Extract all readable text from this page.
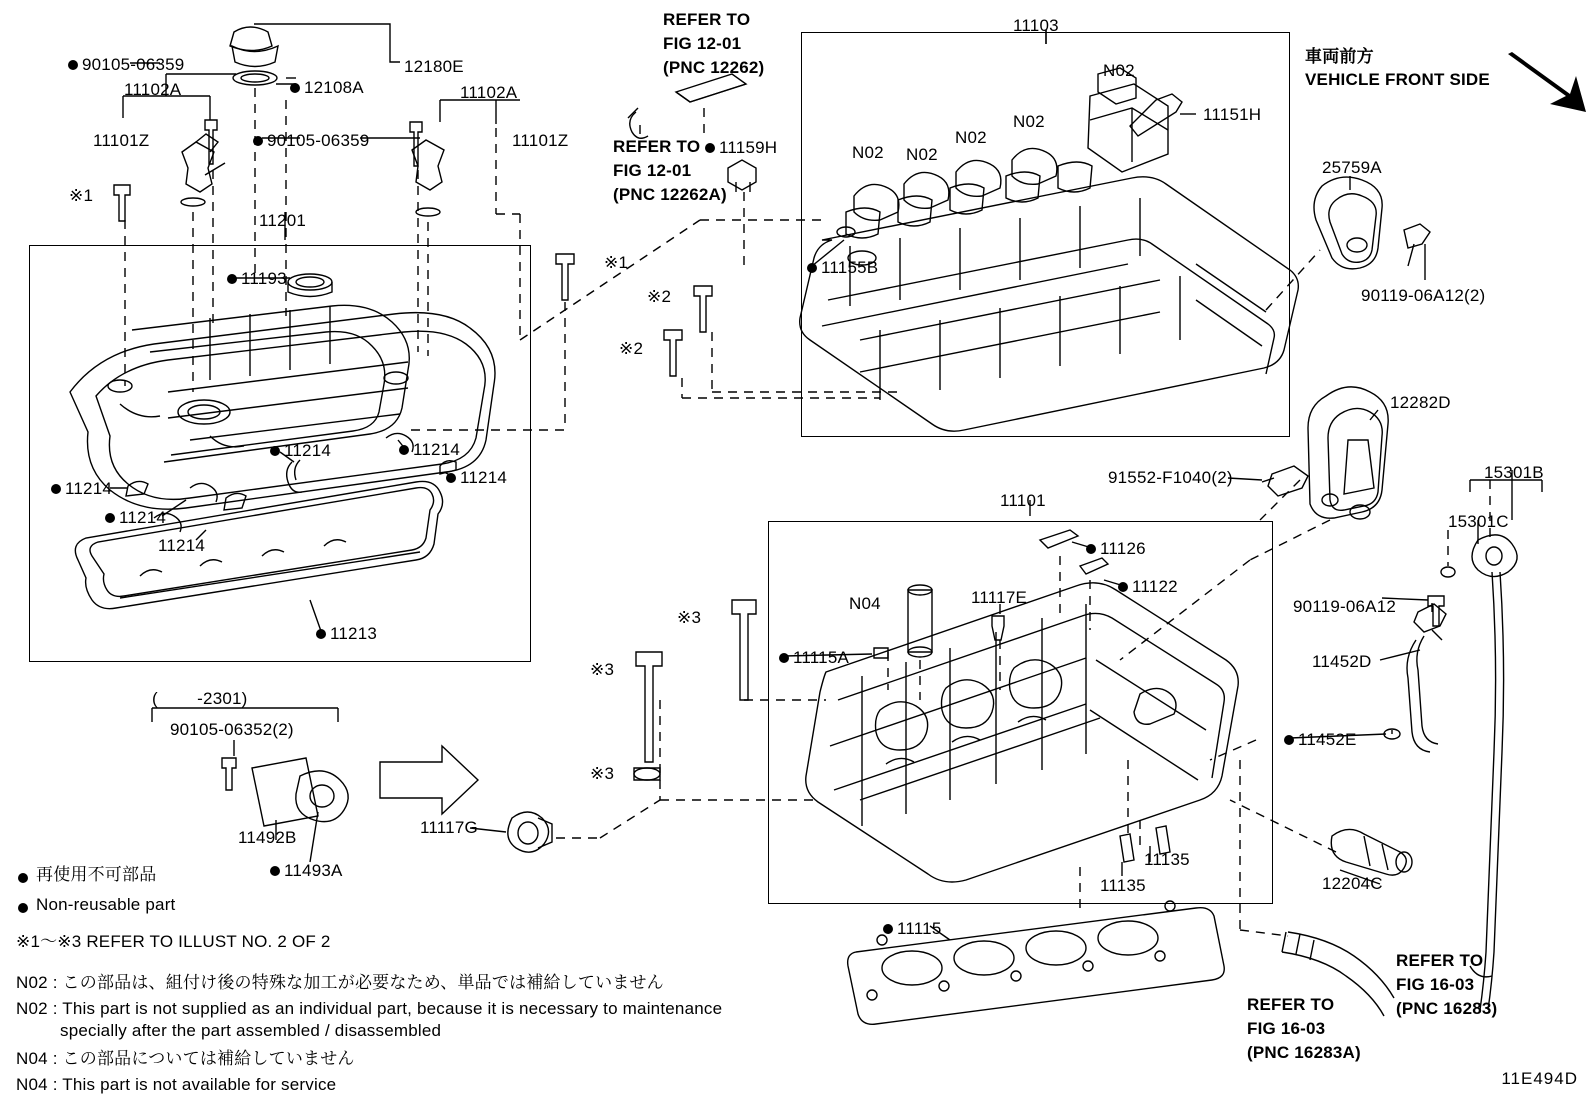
90105-06359
11102A
11101Z
12108A
12180E
90105-06359
11102A
11101Z	11159H
11103
11151H
11155B
25759A
90119-06A12(2)
11201
11193
11214	11214
11214
11214
11214
11214
11213
12282D
91552-F1040(2)	15301B
15301C
11101
11126
11122
11117E
N04
11115A
90119-06A12
11452D
11452E
11135
11135	12204C
11115
90105-06352(2)
(　　 -2301)
11492B
11493A
11117G
※1
※1
※2
※2
※3
※3
※3
N02
N02
N02
N02
N02
REFER TO
FIG 12-01
(PNC 12262)
REFER TO
FIG 12-01
(PNC 12262A)
REFER TO
FIG 16-03
(PNC 16283A)
REFER TO
FIG 16-03
(PNC 16283)
車両前方
VEHICLE FRONT SIDE
再使用不可部品
Non-reusable part
※1〜※3 REFER TO ILLUST NO. 2 OF 2
N02 : この部品は、組付け後の特殊な加工が必要なため、単品では補給していません
N02 : This part is not supplied as an individual part, because it is necessary to maintenance
specially after the part assembled / disassembled
N04 : この部品については補給していません
N04 : This part is not available for service	11E494D
